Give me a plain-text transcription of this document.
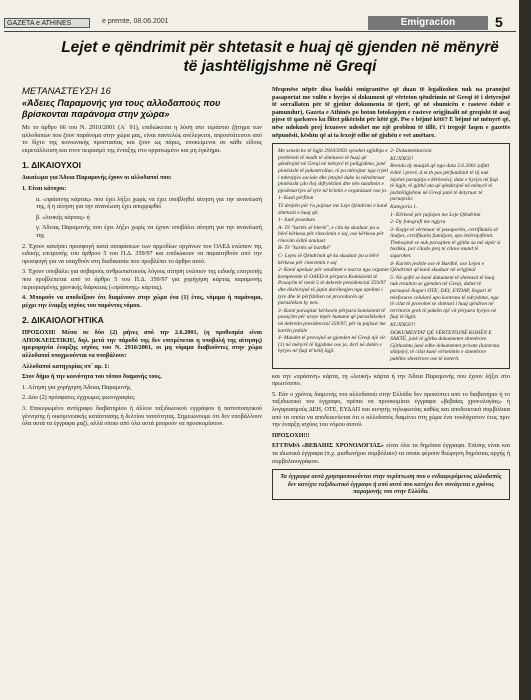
GAZETA e ATHINES	e premte, 08.06.2001	Emigracion	5
Lejet e qëndrimit për shtetasit e huaj që gjenden në mënyrë të jashtëligjshme në Greqi
ΜΕΤΑΝΑΣΤΕΥΣΗ 16
«Άδειες Παραμονής για τους αλλοδαπούς που βρίσκονται παράνομα στην χώρα»

Με το άρθρο 66 του Ν. 2910/2001 (Α΄ 91), επιδιώκεται η λύση στο τεράστιο ζήτημα των αλλοδαπών που ζουν παράνομα στην χώρα μας, είναι παντελώς ανέλεγκτοι, απροστάτευτοι από το δίχτυ της κοινωνικής προστασίας και ζουν ως πάρες, υποκείμενοι σε κάθε είδους εκμετάλλευση και στον πειρασμό της ένταξης στο οργανωμένο και μη έγκλημα.

1. ΔΙΚΑΙΟΥΧΟΙ

Δικαίωμα για Άδεια Παραμονής έχουν οι αλλοδαποί που:

1. Είναι κάτοχοι:

α. «πράσινης κάρτας» που έχει λήξει χωρίς να έχει υποβληθεί αίτηση για την ανανέωσή της, ή η αίτηση για την ανανέωση έχει απορριφθεί

β. «λευκής κάρτας» ή

γ. Άδειας Παραμονής που έχει λήξει χωρίς να έχουν υποβάλει αίτηση για την ανανέωσή της

2. Έχουν ασκήσει προσφυγή κατά αποφάσεων των αρμοδίων οργάνων του ΟΑΕΔ ενώπιον της ειδικής επιτροπής του άρθρου 5 του Π.Δ. 359/97 και επιδιώκουν να παραιτηθούν από την προσφυγή για να υπαχθούν στη διαδικασία που προβλέπει το άρθρο αυτό.

3. Έχουν υποβάλει για σοβαρούς ανθρωπιστικούς λόγους αίτηση ενώπιον της ειδικής επιτροπής που προβλέπεται από το άρθρο 5 του Π.Δ. 359/97 για χορήγηση κάρτας παραμονής περιορισμένης χρονικής διάρκειας («πράσινης» κάρτας).

4. Μπορούν να αποδείξουν ότι διαμένουν στην χώρα ένα (1) έτος, νόμιμα ή παράνομα, μέχρι την έναρξη ισχύος του παρόντος νόμου.

2. ΔΙΚΑΙΟΛΟΓΗΤΙΚΑ

ΠΡΟΣΟΧΗ! Μέσα σε δύο (2) μήνες από την 2.6.2001, (η προθεσμία είναι ΑΠΟΚΛΕΙΣΤΙΚΗ!, δηλ. μετά την πάροδό της δεν επιτρέπεται η υποβολή της αίτησης) ημερομηνία έναρξης ισχύος του Ν. 2910/2001, οι μη νόμιμα διαβιούντες στην χώρα αλλοδαποί υποχρεούνται να υποβάλουν:

Αλλοδαποί κατηγορίας υπ΄ αρ. 1:

Στον δήμο ή την κοινότητα του τόπου διαμονής τους.

1. Αίτηση για χορήγηση Άδειας Παραμονής

2. Δύο (2) πρόσφατες έγχρωμες φωτογραφίες

3. Επικυρωμένο αντίγραφο διαβατηρίου ή άλλου ταξιδιωτικού εγγράφου ή πιστοποιητικού γέννησης ή οικογενειακής κατάστασης ή δελτίου ταυτότητας. Σημειώνουμε ότι δεν υποβάλλουν όλα αυτά τα έγγραφα μαζί, αλλά οποιο από όλα αυτά μπορούν να προσκομίσουν.

Meqenëse nëpër disa bashki emigrantëve që duan të legalizohen nuk ua pranojnë pasaportat me vulën e hyrjes si dokument që vërteton qëndrimin në Greqi të i detyrojnë të sorrallaten për të gjetiur dokumenta të tjerë, që në shumicën e rasteve është e pamundur), Gazeta e Athinës po boton fotokopjen e rasteve origjinalit në greqisht të asaj pjese të qarkores ku flitet pikërisht për këtë gjë. Pse e bëjmë këtë? E bëjmë në mënyrë që, nëse ndokush prej lexuesve ndeshet me një problem të tillë, t'i tregojë faqen e gazetës nëpunësit, kështu që ai ta lexojë edhe në gjuhën e vet amëtare.

Me sensin ko të ligjit 2910/2002 synohet zgjidhja e problemit të madh të shtetasve të huaj që qëndrojnë në Greqi në mënyrë të paligjshme, janë plotësisht të pakontrollue, të pa mbrojtur nga rrjeti i mbrojtjes sociale dhe jetojnë duke iu nënshtruar plotësisht çdo lloj shfrytëzimi dhe nën tundimin e pjesëmarrjes së tyre në krimin e organizuar ose jo.

1- Kush përfiton

Të drejtën për t'u pajisur me Leje Qëndrimi e kanë shtetasit e huaj që:

1- Janë posedues

A- Të "kartës së blertë", e cila ka skaduar pa u bërë kërkesa për rinovimin e saj, ose kërkesa për rinovim është anuluar

B- Të "kartës së bardhë"

C- Lejes së Qëndrimit që ka skaduar pa u bërë kërkesa për rinovimin e saj

2- Kanë apeluar për vendimet e marra nga organet kompetente të OAED-it përpara Komisionit të Posaçëm të nenit 5 të dekretit presidencial 359/97 dhe dëshirojnë të japin dorëheqjen nga apelimi i tyre dhe të përfshihen në procedurën që parashikon ky nen.

3- Kanë paraqitur kërkesën përpara komisionit të posaçëm për arsye tepër humane që parashikohet në dekretin presidencial 359/97, për tu pajisur me kartën jeshile

4- Mundet të provojnë se gjenden në Greqi një vit (1) në mënyrë të ligjshme ose jo, deri në datën e hyrjes në fuqi të këtij ligji.

2- Dokumentacioni

KUJDES!!

Brenda dy muajsh që nga data 2.6.2001 (afati është i prerë, d.m.th pas përfundimit të tij nuk lejohet paraqitja e kërkesës), data e hyrjes në fuqi të ligjit, të gjithë ata që qëndrojnë në mënyrë të jashtëligjshme në Greqi janë të detyruar të paraqesin:

Kategoria 1.

1- Kërkesë për pajisjen me Leje Qëndrimi

2- Dy fotografi me ngjyra

3- Kopje të vërtetuar të pasaportës, certifikatës së lindjes, certifikatës familjare, apo letërnjoftimit. Theksojmë se nuk paraqiten të gjitha sa më sipër si bashku, por cilado prej të cilave mund të sigurohet.

4- Kartën jeshile ose të Bardhë, ose Lejen e Qëndrimit që kanë skaduar në origjinal

5- Në qoftë se kanë dokument të shtetasit të huaj nuk rezulton se gjenden në Greqi, duhet të paraqesë llogari OTE; DEI; EYDAP, llogari të telefonave celularë apo kontrata të ndryshme, nga të cilat të provohet se shtetasi i huaj qëndron në territorin grek të paktën një vit përpara hyrjes në fuqi të ligjit.

KUJDES!!!

DOKUMENTAT QË VËRTETOJNË KOHËN E SAKTË, janë të gjitha dokumentet shtetërore. Gjithashtu janë edhe dokumentet private (kontrata shitjeje), të cilat kanë vërtetimin e shtetërore publike shtetërore ose të noterit.

και την «πράσινη» κάρτα, τη «λευκή» κάρτα ή την Άδεια Παραμονής που έχουν λήξει στο πρωτότυπο.

5. Εάν ο χρόνος διαμονής του αλλοδαπού στην Ελλάδα δεν προκύπτει από το διαβατήριο ή το ταξιδιωτικό του έγγραφο, πρέπει να προσκομίσει έγγραφα «βεβαίας χρονολογίας» ή λογαριασμούς ΔΕΗ, ΟΤΕ, ΕΥΔΑΠ και κινητής τηλεφωνίας καθώς και αποδεικτικά συμβόλαια από τα οποία να αποδεικνύεται ότι ο αλλοδαπός διαμένει στη χώρα ένα τουλάχιστον έτος πριν την έναρξη ισχύος του νόμου αυτού.

ΠΡΟΣΟΧΗ!!!

ΕΓΓΡΑΦΑ «ΒΕΒΑΙΗΣ ΧΡΟΝΟΛΟΓΙΑΣ» είναι όλα τα δημόσια έγγραφα. Επίσης είναι και τα ιδιωτικά έγγραφα (π.χ. μισθωτήριο συμβόλαιο) τα οποία φέρουν θεώρηση δημόσιας αρχής ή συμβολαιογράφου.

Τα έγγραφα αυτά χρησιμοποιούνται στην περίπτωση που ο ενδιαφερόμενος αλλοδαπός δεν κατέχει ταξιδιωτικό έγγραφο ή από αυτό που κατέχει δεν συνάγεται ο χρόνος παραμονής του στην Ελλάδα.
